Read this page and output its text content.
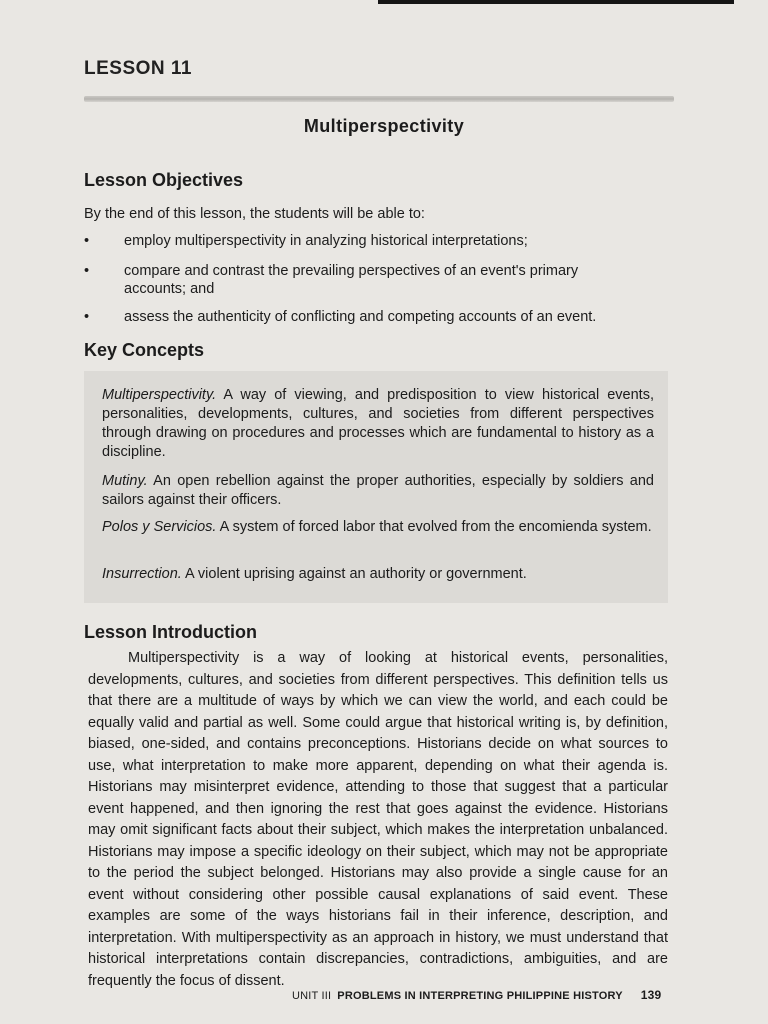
LESSON 11
Multiperspectivity
Lesson Objectives
By the end of this lesson, the students will be able to:
• employ multiperspectivity in analyzing historical interpretations;
• compare and contrast the prevailing perspectives of an event's primary accounts; and
• assess the authenticity of conflicting and competing accounts of an event.
Key Concepts
Multiperspectivity. A way of viewing, and predisposition to view historical events, personalities, developments, cultures, and societies from different perspectives through drawing on procedures and processes which are fundamental to history as a discipline.
Mutiny. An open rebellion against the proper authorities, especially by soldiers and sailors against their officers.
Polos y Servicios. A system of forced labor that evolved from the encomienda system.
Insurrection. A violent uprising against an authority or government.
Lesson Introduction
Multiperspectivity is a way of looking at historical events, personalities, developments, cultures, and societies from different perspectives. This definition tells us that there are a multitude of ways by which we can view the world, and each could be equally valid and partial as well. Some could argue that historical writing is, by definition, biased, one-sided, and contains preconceptions. Historians decide on what sources to use, what interpretation to make more apparent, depending on what their agenda is. Historians may misinterpret evidence, attending to those that suggest that a particular event happened, and then ignoring the rest that goes against the evidence. Historians may omit significant facts about their subject, which makes the interpretation unbalanced. Historians may impose a specific ideology on their subject, which may not be appropriate to the period the subject belonged. Historians may also provide a single cause for an event without considering other possible causal explanations of said event. These examples are some of the ways historians fail in their inference, description, and interpretation. With multiperspectivity as an approach in history, we must understand that historical interpretations contain discrepancies, contradictions, ambiguities, and are frequently the focus of dissent.
UNIT III PROBLEMS IN INTERPRETING PHILIPPINE HISTORY 139
